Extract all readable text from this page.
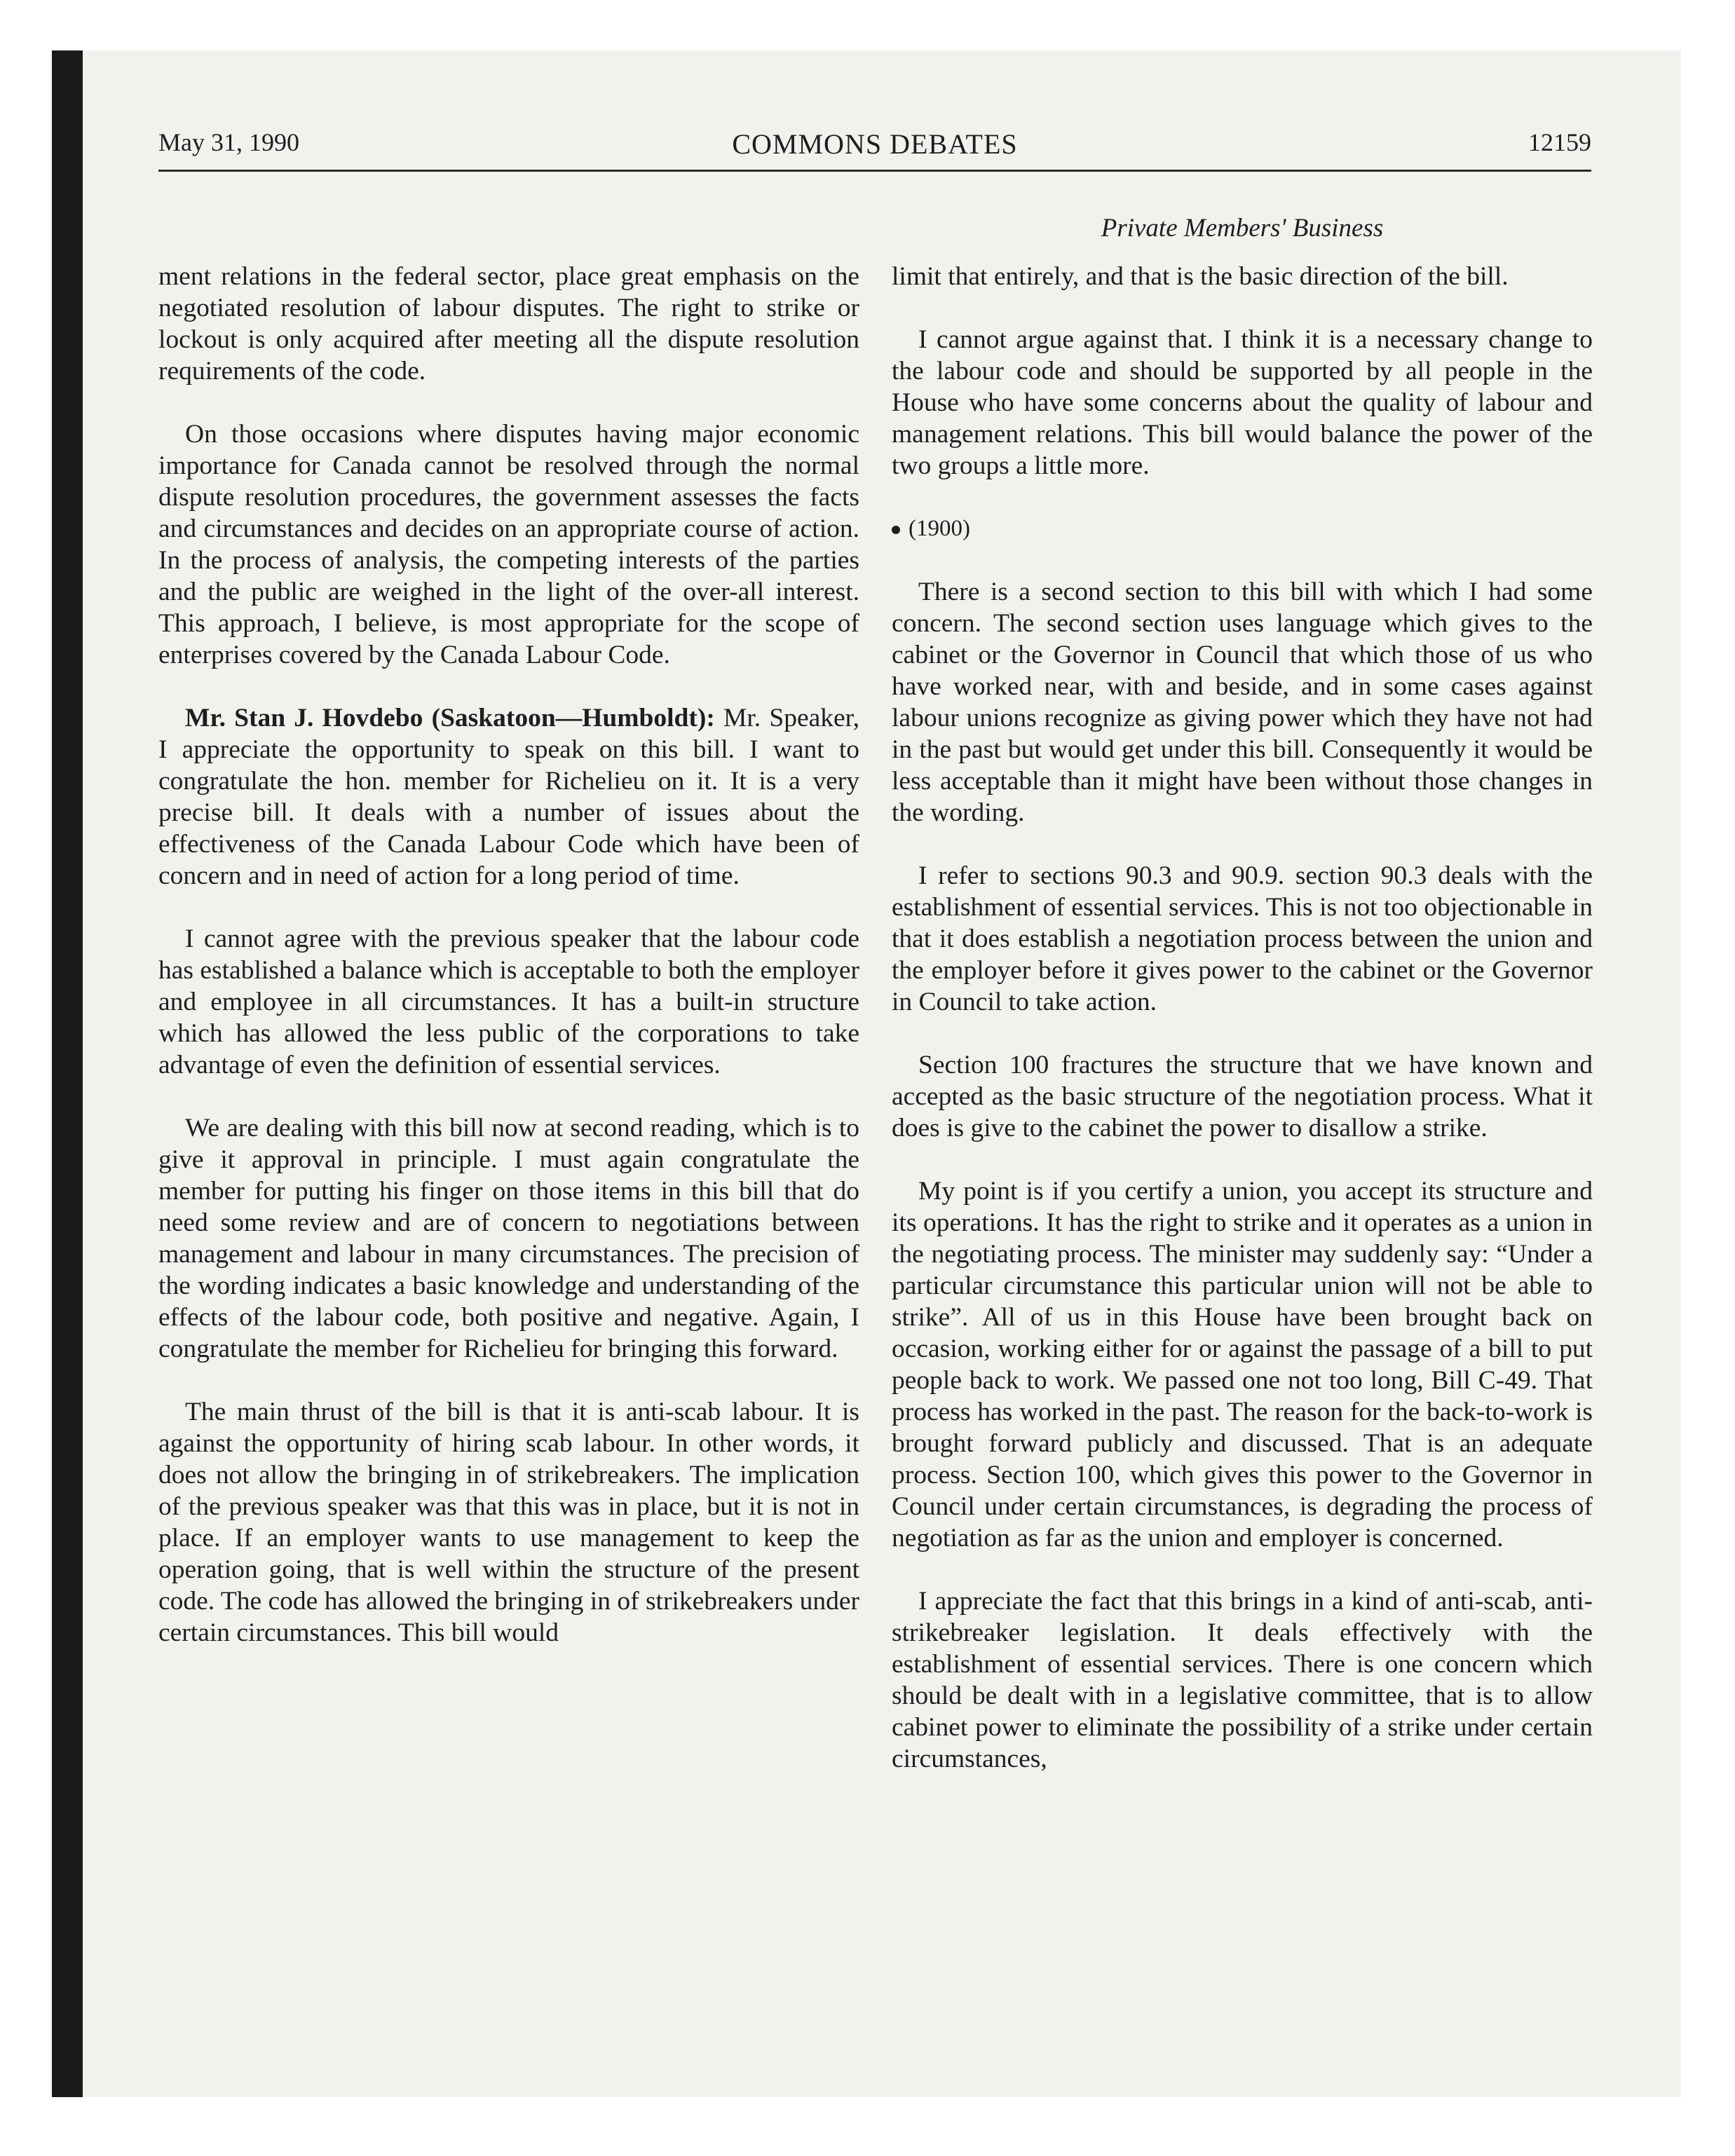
May 31, 1990	COMMONS DEBATES	12159
Private Members' Business

ment relations in the federal sector, place great emphasis on the negotiated resolution of labour disputes. The right to strike or lockout is only acquired after meeting all the dispute resolution requirements of the code.

On those occasions where disputes having major economic importance for Canada cannot be resolved through the normal dispute resolution procedures, the government assesses the facts and circumstances and decides on an appropriate course of action. In the process of analysis, the competing interests of the parties and the public are weighed in the light of the over-all interest. This approach, I believe, is most appropriate for the scope of enterprises covered by the Canada Labour Code.

Mr. Stan J. Hovdebo (Saskatoon—Humboldt): Mr. Speaker, I appreciate the opportunity to speak on this bill. I want to congratulate the hon. member for Richelieu on it. It is a very precise bill. It deals with a number of issues about the effectiveness of the Canada Labour Code which have been of concern and in need of action for a long period of time.

I cannot agree with the previous speaker that the labour code has established a balance which is acceptable to both the employer and employee in all circumstances. It has a built-in structure which has allowed the less public of the corporations to take advantage of even the definition of essential services.

We are dealing with this bill now at second reading, which is to give it approval in principle. I must again congratulate the member for putting his finger on those items in this bill that do need some review and are of concern to negotiations between management and labour in many circumstances. The precision of the wording indicates a basic knowledge and understanding of the effects of the labour code, both positive and negative. Again, I congratulate the member for Richelieu for bringing this forward.

The main thrust of the bill is that it is anti-scab labour. It is against the opportunity of hiring scab labour. In other words, it does not allow the bringing in of strikebreakers. The implication of the previous speaker was that this was in place, but it is not in place. If an employer wants to use management to keep the operation going, that is well within the structure of the present code. The code has allowed the bringing in of strikebreakers under certain circumstances. This bill would

limit that entirely, and that is the basic direction of the bill.

I cannot argue against that. I think it is a necessary change to the labour code and should be supported by all people in the House who have some concerns about the quality of labour and management relations. This bill would balance the power of the two groups a little more.

(1900)

There is a second section to this bill with which I had some concern. The second section uses language which gives to the cabinet or the Governor in Council that which those of us who have worked near, with and beside, and in some cases against labour unions recognize as giving power which they have not had in the past but would get under this bill. Consequently it would be less acceptable than it might have been without those changes in the wording.

I refer to sections 90.3 and 90.9. section 90.3 deals with the establishment of essential services. This is not too objectionable in that it does establish a negotiation process between the union and the employer before it gives power to the cabinet or the Governor in Council to take action.

Section 100 fractures the structure that we have known and accepted as the basic structure of the negotiation process. What it does is give to the cabinet the power to disallow a strike.

My point is if you certify a union, you accept its structure and its operations. It has the right to strike and it operates as a union in the negotiating process. The minister may suddenly say: “Under a particular circumstance this particular union will not be able to strike”. All of us in this House have been brought back on occasion, working either for or against the passage of a bill to put people back to work. We passed one not too long, Bill C-49. That process has worked in the past. The reason for the back-to-work is brought forward publicly and discussed. That is an adequate process. Section 100, which gives this power to the Governor in Council under certain circumstances, is degrading the process of negotiation as far as the union and employer is concerned.

I appreciate the fact that this brings in a kind of anti-scab, anti-strikebreaker legislation. It deals effectively with the establishment of essential services. There is one concern which should be dealt with in a legislative committee, that is to allow cabinet power to eliminate the possibility of a strike under certain circumstances,
